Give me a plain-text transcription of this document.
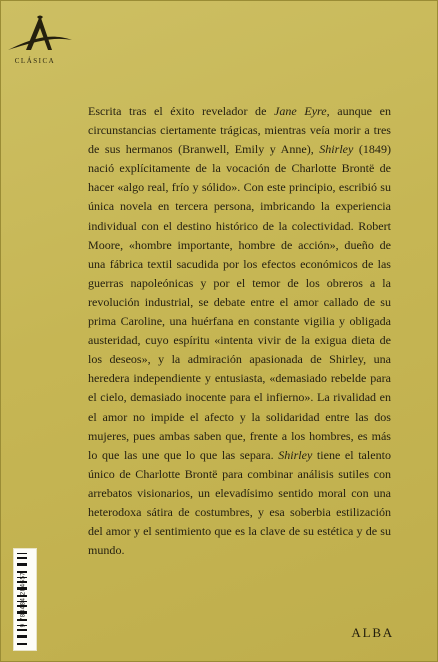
CLÁSICA
Escrita tras el éxito revelador de Jane Eyre, aunque en circunstancias ciertamente trágicas, mientras veía morir a tres de sus hermanos (Branwell, Emily y Anne), Shirley (1849) nació explícitamente de la vocación de Charlotte Brontë de hacer «algo real, frío y sólido». Con este principio, escribió su única novela en tercera persona, imbricando la experiencia individual con el destino histórico de la colectividad. Robert Moore, «hombre importante, hombre de acción», dueño de una fábrica textil sacudida por los efectos económicos de las guerras napoleónicas y por el temor de los obreros a la revolución industrial, se debate entre el amor callado de su prima Caroline, una huérfana en constante vigilia y obligada austeridad, cuyo espíritu «intenta vivir de la exigua dieta de los deseos», y la admiración apasionada de Shirley, una heredera independiente y entusiasta, «demasiado rebelde para el cielo, demasiado inocente para el infierno». La rivalidad en el amor no impide el afecto y la solidaridad entre las dos mujeres, pues ambas saben que, frente a los hombres, es más lo que las une que lo que las separa. Shirley tiene el talento único de Charlotte Brontë para combinar análisis sutiles con arrebatos visionarios, un elevadísimo sentido moral con una heterodoxa sátira de costumbres, y esa soberbia estilización del amor y el sentimiento que es la clave de su estética y de su mundo.
9 788484 284657
ALBA
